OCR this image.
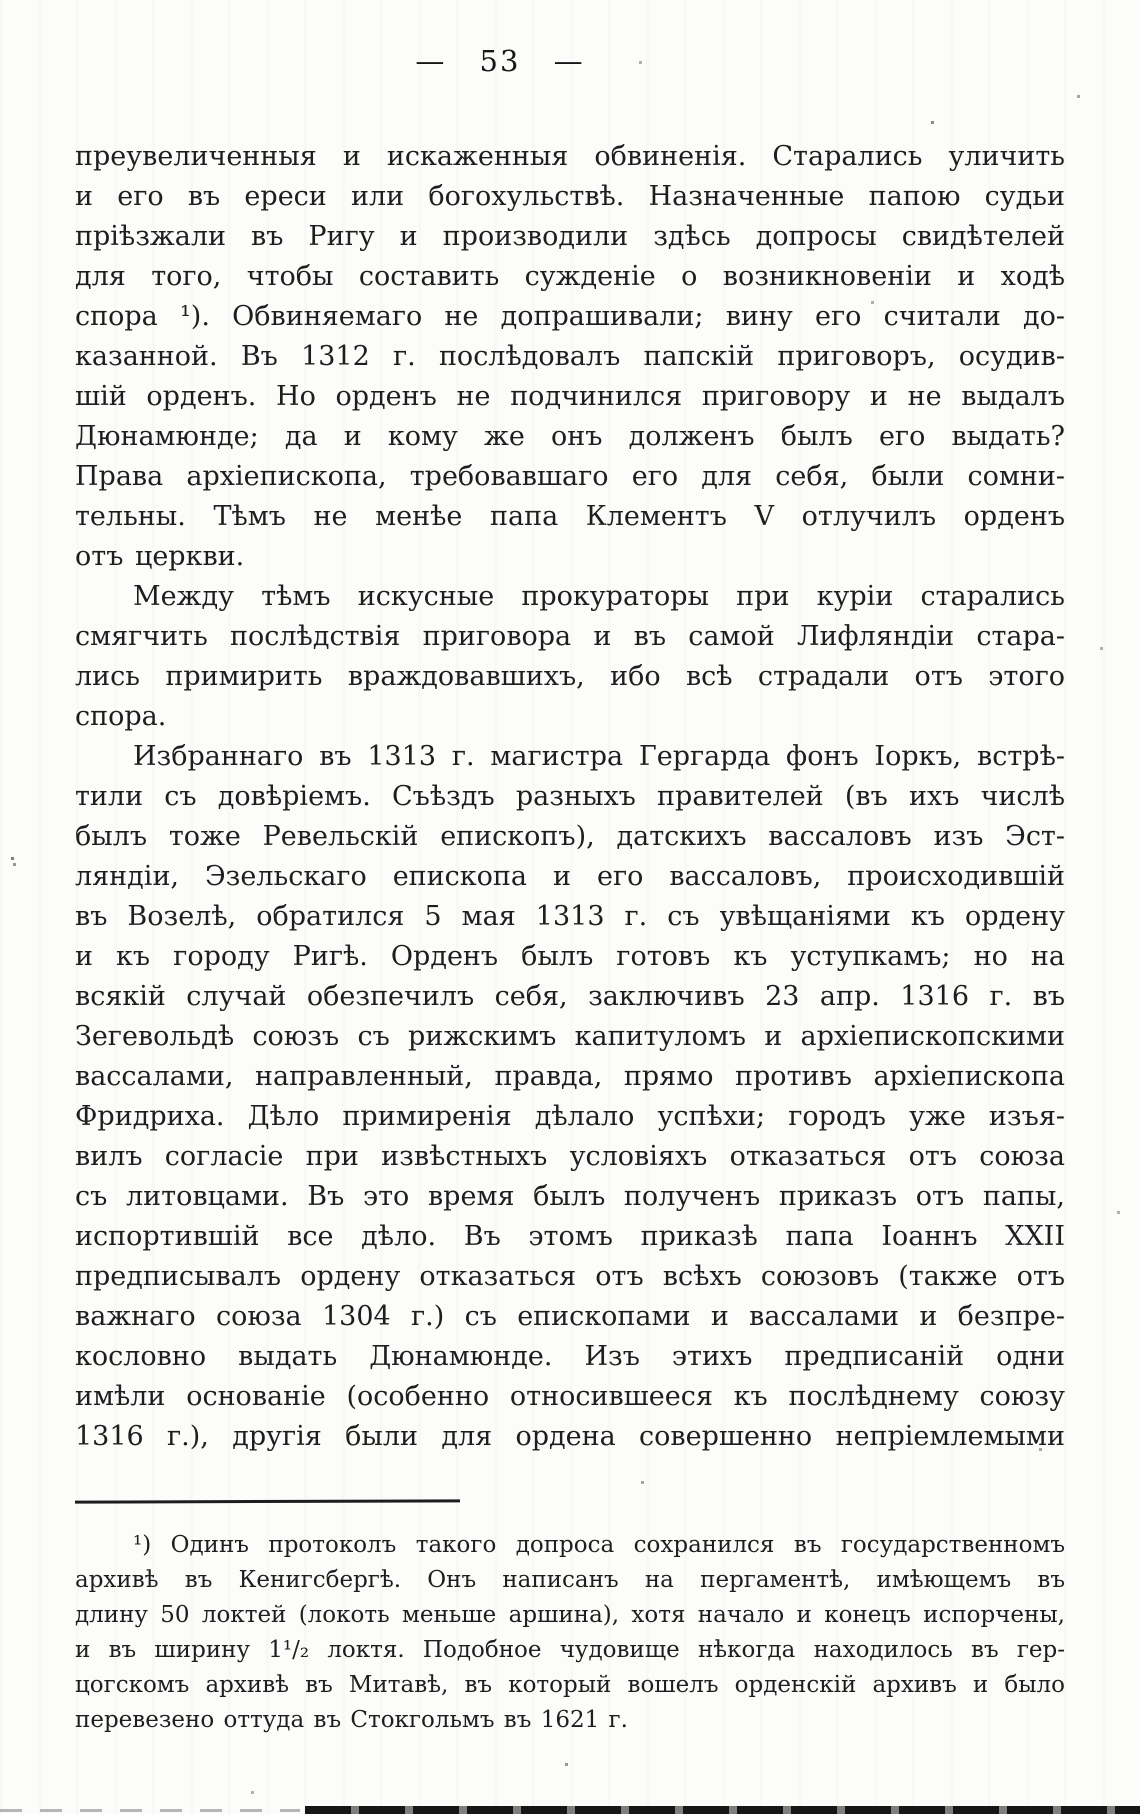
— 53 —
преувеличенныя и искаженныя обвиненія. Старались уличить
и его въ ереси или богохульствѣ. Назначенные папою судьи
пріѣзжали въ Ригу и производили здѣсь допросы свидѣтелей
для того, чтобы составить сужденіе о возникновеніи и ходѣ
спора ¹). Обвиняемаго не допрашивали; вину его считали до-
казанной. Въ 1312 г. послѣдовалъ папскій приговоръ, осудив-
шій орденъ. Но орденъ не подчинился приговору и не выдалъ
Дюнамюнде; да и кому же онъ долженъ былъ его выдать?
Права архіепископа, требовавшаго его для себя, были сомни-
тельны. Тѣмъ не менѣе папа Клементъ V отлучилъ орденъ
отъ церкви.
Между тѣмъ искусные прокураторы при куріи старались
смягчить послѣдствія приговора и въ самой Лифляндіи стара-
лись примирить враждовавшихъ, ибо всѣ страдали отъ этого
спора.
Избраннаго въ 1313 г. магистра Гергарда фонъ Іоркъ, встрѣ-
тили съ довѣріемъ. Съѣздъ разныхъ правителей (въ ихъ числѣ
былъ тоже Ревельскій епископъ), датскихъ вассаловъ изъ Эст-
ляндіи, Эзельскаго епископа и его вассаловъ, происходившій
въ Возелѣ, обратился 5 мая 1313 г. съ увѣщаніями къ ордену
и къ городу Ригѣ. Орденъ былъ готовъ къ уступкамъ; но на
всякій случай обезпечилъ себя, заключивъ 23 апр. 1316 г. въ
Зегевольдѣ союзъ съ рижскимъ капитуломъ и архіепископскими
вассалами, направленный, правда, прямо противъ архіепископа
Фридриха. Дѣло примиренія дѣлало успѣхи; городъ уже изъя-
вилъ согласіе при извѣстныхъ условіяхъ отказаться отъ союза
съ литовцами. Въ это время былъ полученъ приказъ отъ папы,
испортившій все дѣло. Въ этомъ приказѣ папа Іоаннъ XXII
предписывалъ ордену отказаться отъ всѣхъ союзовъ (также отъ
важнаго союза 1304 г.) съ епископами и вассалами и безпре-
кословно выдать Дюнамюнде. Изъ этихъ предписаній одни
имѣли основаніе (особенно относившееся къ послѣднему союзу
1316 г.), другія были для ордена совершенно непріемлемыми
¹) Одинъ протоколъ такого допроса сохранился въ государственномъ
архивѣ въ Кенигсбергѣ. Онъ написанъ на пергаментѣ, имѣющемъ въ
длину 50 локтей (локоть меньше аршина), хотя начало и конецъ испорчены,
и въ ширину 1¹/₂ локтя. Подобное чудовище нѣкогда находилось въ гер-
цогскомъ архивѣ въ Митавѣ, въ который вошелъ орденскій архивъ и было
перевезено оттуда въ Стокгольмъ въ 1621 г.
